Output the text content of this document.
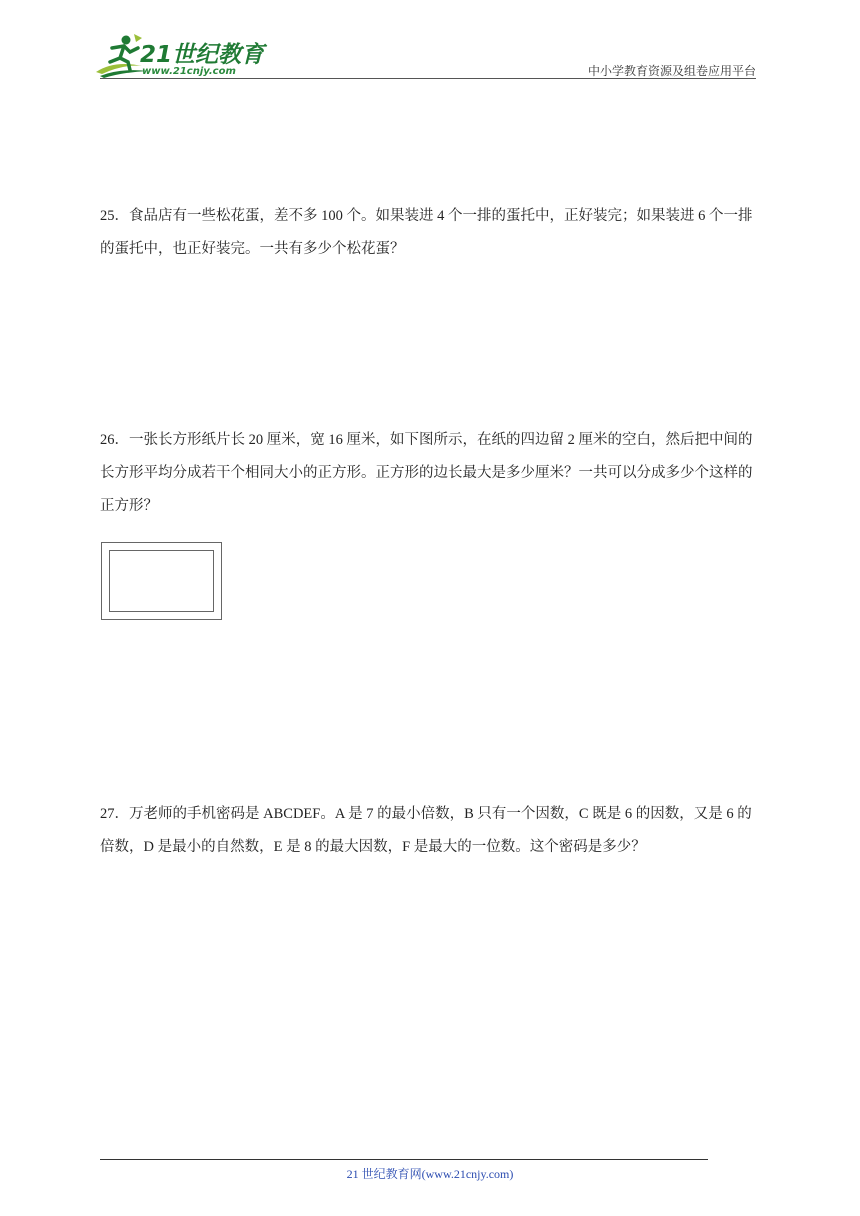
21世纪教育
www.21cnjy.com	中小学教育资源及组卷应用平台
25．食品店有一些松花蛋，差不多 100 个。如果装进 4 个一排的蛋托中，正好装完；如果装进 6 个一排的蛋托中，也正好装完。一共有多少个松花蛋？
26．一张长方形纸片长 20 厘米，宽 16 厘米，如下图所示，在纸的四边留 2 厘米的空白，然后把中间的长方形平均分成若干个相同大小的正方形。正方形的边长最大是多少厘米？一共可以分成多少个这样的正方形？
27．万老师的手机密码是 ABCDEF。A 是 7 的最小倍数，B 只有一个因数，C 既是 6 的因数，又是 6 的倍数，D 是最小的自然数，E 是 8 的最大因数，F 是最大的一位数。这个密码是多少？
21 世纪教育网(www.21cnjy.com)
